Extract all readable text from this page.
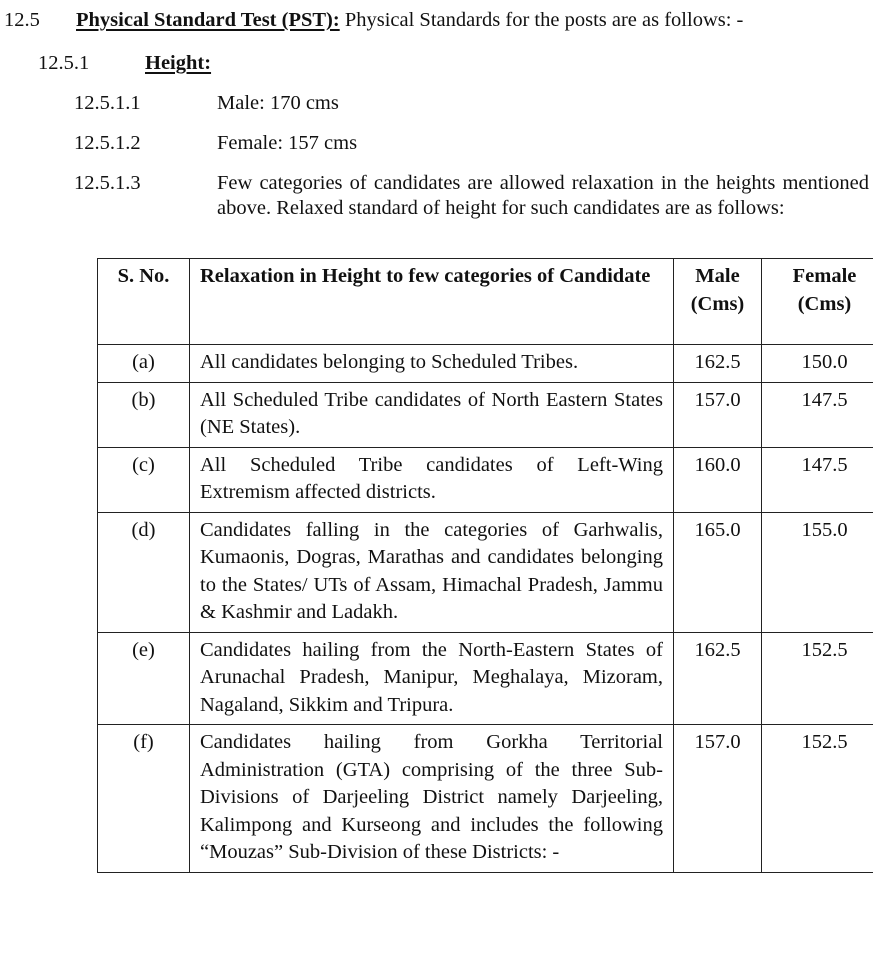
12.5 Physical Standard Test (PST): Physical Standards for the posts are as follows: -
12.5.1	Height:
12.5.1.1	Male: 170 cms
12.5.1.2	Female: 157 cms
12.5.1.3	Few categories of candidates are allowed relaxation in the heights mentioned above. Relaxed standard of height for such candidates are as follows:
S. No.	Relaxation in Height to few categories of Candidate	Male (Cms)	Female (Cms)
(a)	All candidates belonging to Scheduled Tribes.	162.5	150.0
(b)	All Scheduled Tribe candidates of North Eastern States (NE States).	157.0	147.5
(c)	All Scheduled Tribe candidates of Left-Wing Extremism affected districts.	160.0	147.5
(d)	Candidates falling in the categories of Garhwalis, Kumaonis, Dogras, Marathas and candidates belonging to the States/ UTs of Assam, Himachal Pradesh, Jammu & Kashmir and Ladakh.	165.0	155.0
(e)	Candidates hailing from the North-Eastern States of Arunachal Pradesh, Manipur, Meghalaya, Mizoram, Nagaland, Sikkim and Tripura.	162.5	152.5
(f)	Candidates hailing from Gorkha Territorial Administration (GTA) comprising of the three Sub-Divisions of Darjeeling District namely Darjeeling, Kalimpong and Kurseong and includes the following “Mouzas” Sub-Division of these Districts: -	157.0	152.5
